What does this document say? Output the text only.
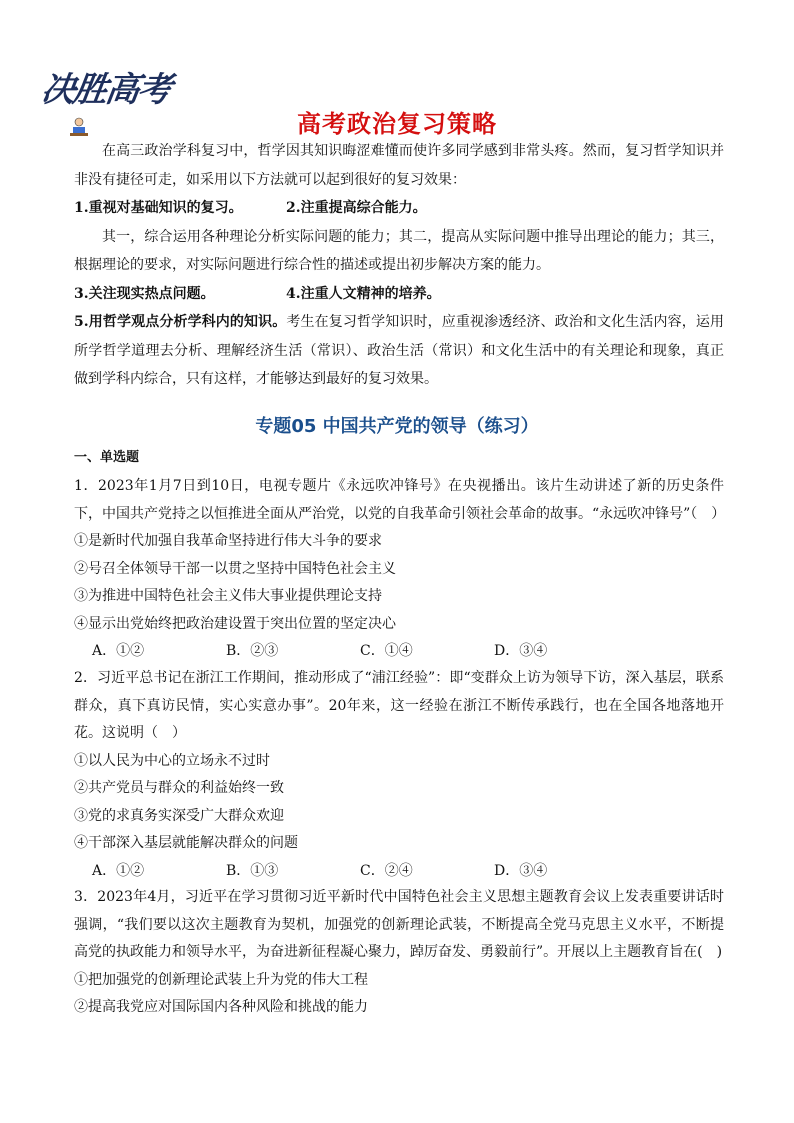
决胜高考
高考政治复习策略

在高三政治学科复习中，哲学因其知识晦涩难懂而使许多同学感到非常头疼。然而，复习哲学知识并非没有捷径可走，如采用以下方法就可以起到很好的复习效果：

1.重视对基础知识的复习。	2.注重提高综合能力。

其一，综合运用各种理论分析实际问题的能力；其二，提高从实际问题中推导出理论的能力；其三，根据理论的要求，对实际问题进行综合性的描述或提出初步解决方案的能力。

3.关注现实热点问题。	4.注重人文精神的培养。

5.用哲学观点分析学科内的知识。考生在复习哲学知识时，应重视渗透经济、政治和文化生活内容，运用所学哲学道理去分析、理解经济生活（常识）、政治生活（常识）和文化生活中的有关理论和现象，真正做到学科内综合，只有这样，才能够达到最好的复习效果。

专题05 中国共产党的领导（练习）
一、单选题

1．2023年1月7日到10日，电视专题片《永远吹冲锋号》在央视播出。该片生动讲述了新的历史条件下，中国共产党持之以恒推进全面从严治党，以党的自我革命引领社会革命的故事。“永远吹冲锋号”（　）

①是新时代加强自我革命坚持进行伟大斗争的要求
②号召全体领导干部一以贯之坚持中国特色社会主义
③为推进中国特色社会主义伟大事业提供理论支持
④显示出党始终把政治建设置于突出位置的坚定决心
A．①②	B．②③	C．①④	D．③④

2．习近平总书记在浙江工作期间，推动形成了“浦江经验”：即“变群众上访为领导下访，深入基层，联系群众，真下真访民情，实心实意办事”。20年来，这一经验在浙江不断传承践行，也在全国各地落地开花。这说明（　）

①以人民为中心的立场永不过时
②共产党员与群众的利益始终一致
③党的求真务实深受广大群众欢迎
④干部深入基层就能解决群众的问题
A．①②	B．①③	C．②④	D．③④

3．2023年4月，习近平在学习贯彻习近平新时代中国特色社会主义思想主题教育会议上发表重要讲话时强调，“我们要以这次主题教育为契机，加强党的创新理论武装，不断提高全党马克思主义水平，不断提高党的执政能力和领导水平，为奋进新征程凝心聚力，踔厉奋发、勇毅前行”。开展以上主题教育旨在(　)

①把加强党的创新理论武装上升为党的伟大工程
②提高我党应对国际国内各种风险和挑战的能力
